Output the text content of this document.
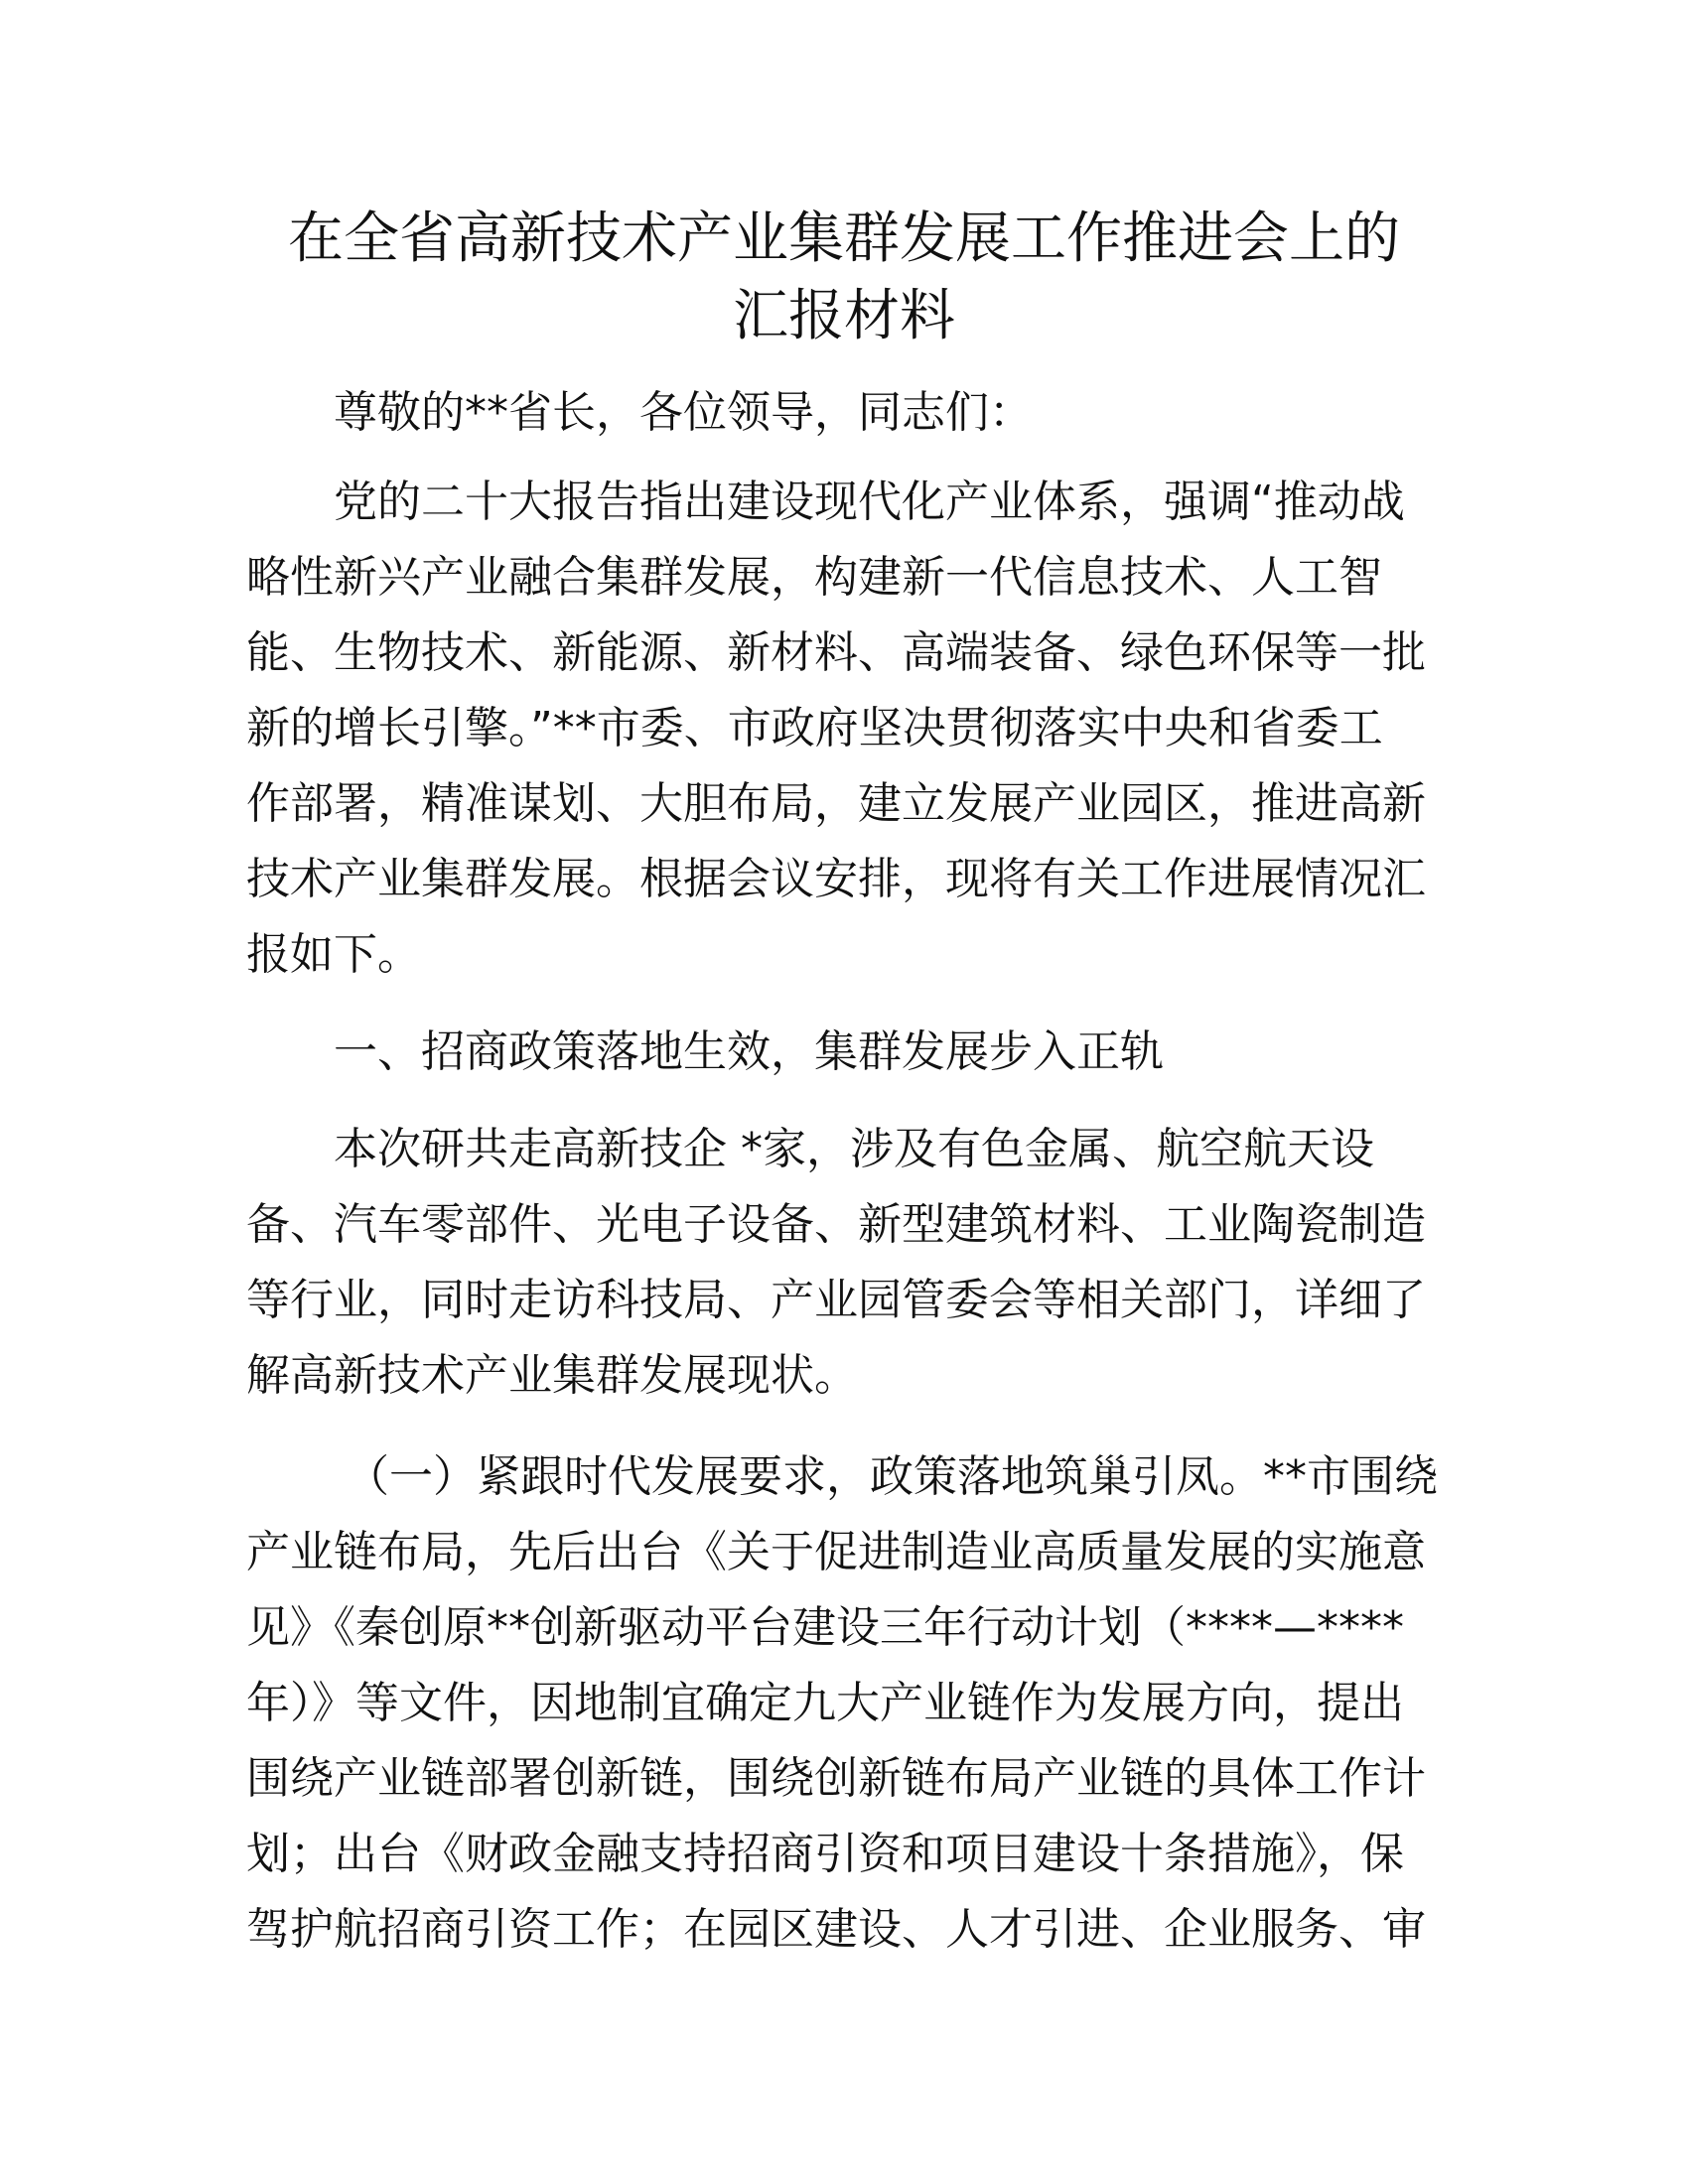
在全省高新技术产业集群发展工作推进会上的
汇报材料

尊敬的**省长，各位领导，同志们：

党的二十大报告指出建设现代化产业体系，强调“推动战

略性新兴产业融合集群发展，构建新一代信息技术、人工智

能、生物技术、新能源、新材料、高端装备、绿色环保等一批

新的增长引擎。”**市委、市政府坚决贯彻落实中央和省委工

作部署，精准谋划、大胆布局，建立发展产业园区，推进高新

技术产业集群发展。根据会议安排，现将有关工作进展情况汇

报如下。

一、招商政策落地生效，集群发展步入正轨

本次研共走高新技企 *家，涉及有色金属、航空航天设

备、汽车零部件、光电子设备、新型建筑材料、工业陶瓷制造

等行业，同时走访科技局、产业园管委会等相关部门，详细了

解高新技术产业集群发展现状。

（一）紧跟时代发展要求，政策落地筑巢引凤。**市围绕

产业链布局，先后出台《关于促进制造业高质量发展的实施意

见》《秦创原**创新驱动平台建设三年行动计划（****—****

年）》等文件，因地制宜确定九大产业链作为发展方向，提出

围绕产业链部署创新链，围绕创新链布局产业链的具体工作计

划；出台《财政金融支持招商引资和项目建设十条措施》，保

驾护航招商引资工作；在园区建设、人才引进、企业服务、审
